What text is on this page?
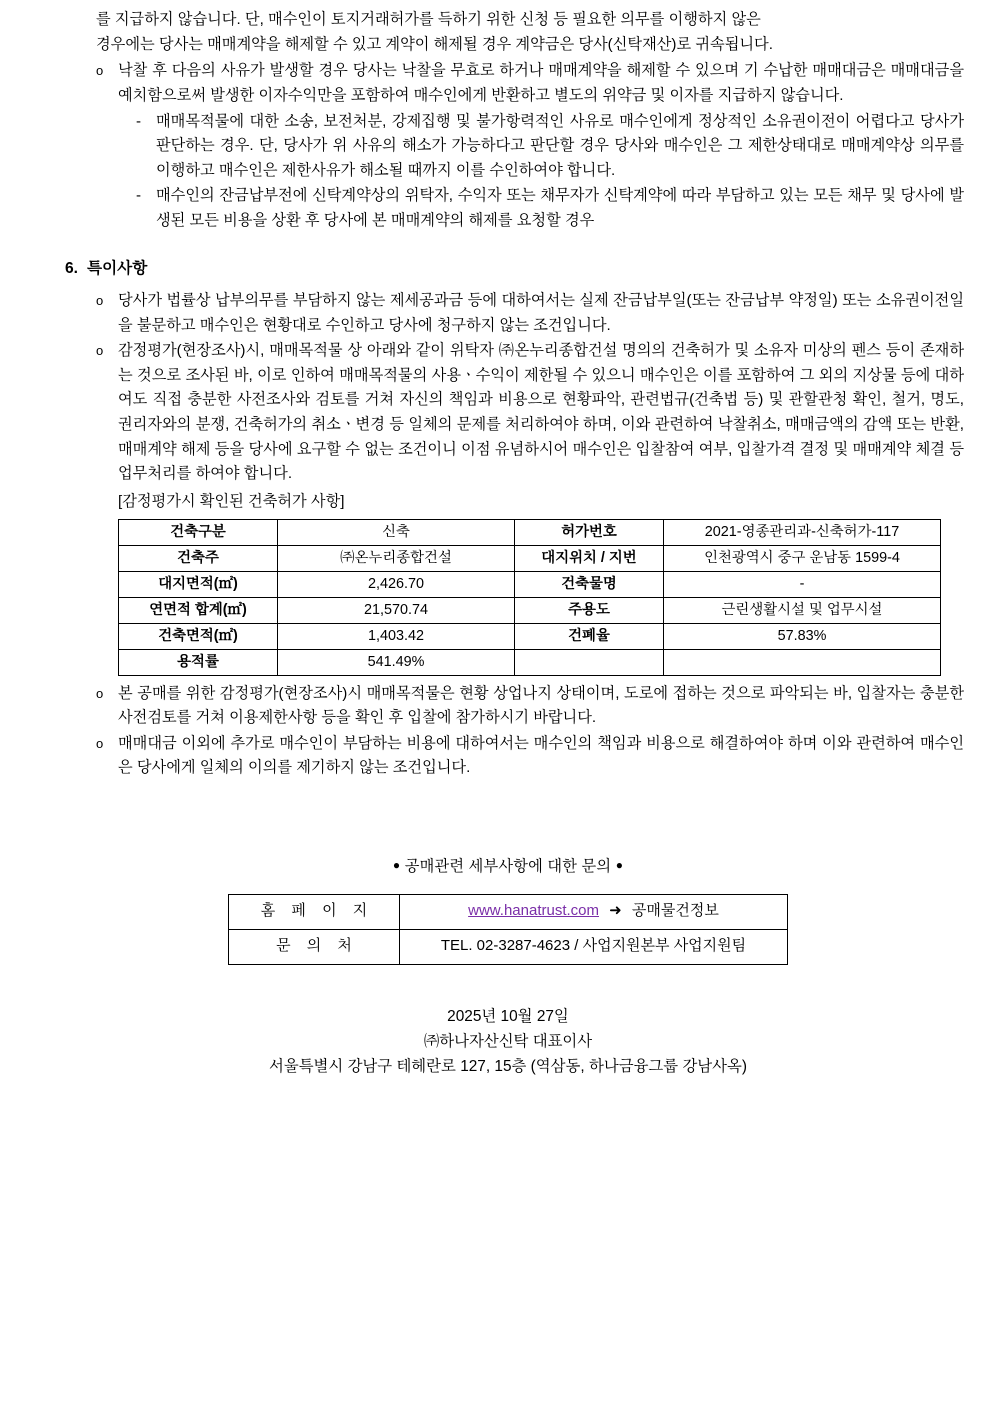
를 지급하지 않습니다. 단, 매수인이 토지거래허가를 득하기 위한 신청 등 필요한 의무를 이행하지 않은
경우에는 당사는 매매계약을 해제할 수 있고 계약이 해제될 경우 계약금은 당사(신탁재산)로 귀속됩니다.
o 낙찰 후 다음의 사유가 발생할 경우 당사는 낙찰을 무효로 하거나 매매계약을 해제할 수 있으며 기 수납한 매매대금은 매매대금을 예치함으로써 발생한 이자수익만을 포함하여 매수인에게 반환하고 별도의 위약금 및 이자를 지급하지 않습니다.
- 매매목적물에 대한 소송, 보전처분, 강제집행 및 불가항력적인 사유로 매수인에게 정상적인 소유권이전이 어렵다고 당사가 판단하는 경우. 단, 당사가 위 사유의 해소가 가능하다고 판단할 경우 당사와 매수인은 그 제한상태대로 매매계약상 의무를 이행하고 매수인은 제한사유가 해소될 때까지 이를 수인하여야 합니다.
- 매수인의 잔금납부전에 신탁계약상의 위탁자, 수익자 또는 채무자가 신탁계약에 따라 부담하고 있는 모든 채무 및 당사에 발생된 모든 비용을 상환 후 당사에 본 매매계약의 해제를 요청할 경우
6. 특이사항
o 당사가 법률상 납부의무를 부담하지 않는 제세공과금 등에 대하여서는 실제 잔금납부일(또는 잔금납부 약정일) 또는 소유권이전일을 불문하고 매수인은 현황대로 수인하고 당사에 청구하지 않는 조건입니다.
o 감정평가(현장조사)시, 매매목적물 상 아래와 같이 위탁자 ㈜온누리종합건설 명의의 건축허가 및 소유자 미상의 펜스 등이 존재하는 것으로 조사된 바, 이로 인하여 매매목적물의 사용ㆍ수익이 제한될 수 있으니 매수인은 이를 포함하여 그 외의 지상물 등에 대하여도 직접 충분한 사전조사와 검토를 거쳐 자신의 책임과 비용으로 현황파악, 관련법규(건축법 등) 및 관할관청 확인, 철거, 명도, 권리자와의 분쟁, 건축허가의 취소ㆍ변경 등 일체의 문제를 처리하여야 하며, 이와 관련하여 낙찰취소, 매매금액의 감액 또는 반환, 매매계약 해제 등을 당사에 요구할 수 없는 조건이니 이점 유념하시어 매수인은 입찰참여 여부, 입찰가격 결정 및 매매계약 체결 등 업무처리를 하여야 합니다.
[감정평가시 확인된 건축허가 사항]
건축구분	신축	허가번호	2021-영종관리과-신축허가-117
건축주	㈜온누리종합건설	대지위치 / 지번	인천광역시 중구 운남동 1599-4
대지면적(㎡)	2,426.70	건축물명	-
연면적 합계(㎡)	21,570.74	주용도	근린생활시설 및 업무시설
건축면적(㎡)	1,403.42	건폐율	57.83%
용적률	541.49%		
o 본 공매를 위한 감정평가(현장조사)시 매매목적물은 현황 상업나지 상태이며, 도로에 접하는 것으로 파악되는 바, 입찰자는 충분한 사전검토를 거쳐 이용제한사항 등을 확인 후 입찰에 참가하시기 바랍니다.
o 매매대금 이외에 추가로 매수인이 부담하는 비용에 대하여서는 매수인의 책임과 비용으로 해결하여야 하며 이와 관련하여 매수인은 당사에게 일체의 이의를 제기하지 않는 조건입니다.
● 공매관련 세부사항에 대한 문의 ●
홈 페 이 지	www.hanatrust.com ➜ 공매물건정보
문 의 처	TEL. 02-3287-4623 / 사업지원본부 사업지원팀
2025년 10월 27일
㈜하나자산신탁 대표이사
서울특별시 강남구 테헤란로 127, 15층 (역삼동, 하나금융그룹 강남사옥)
